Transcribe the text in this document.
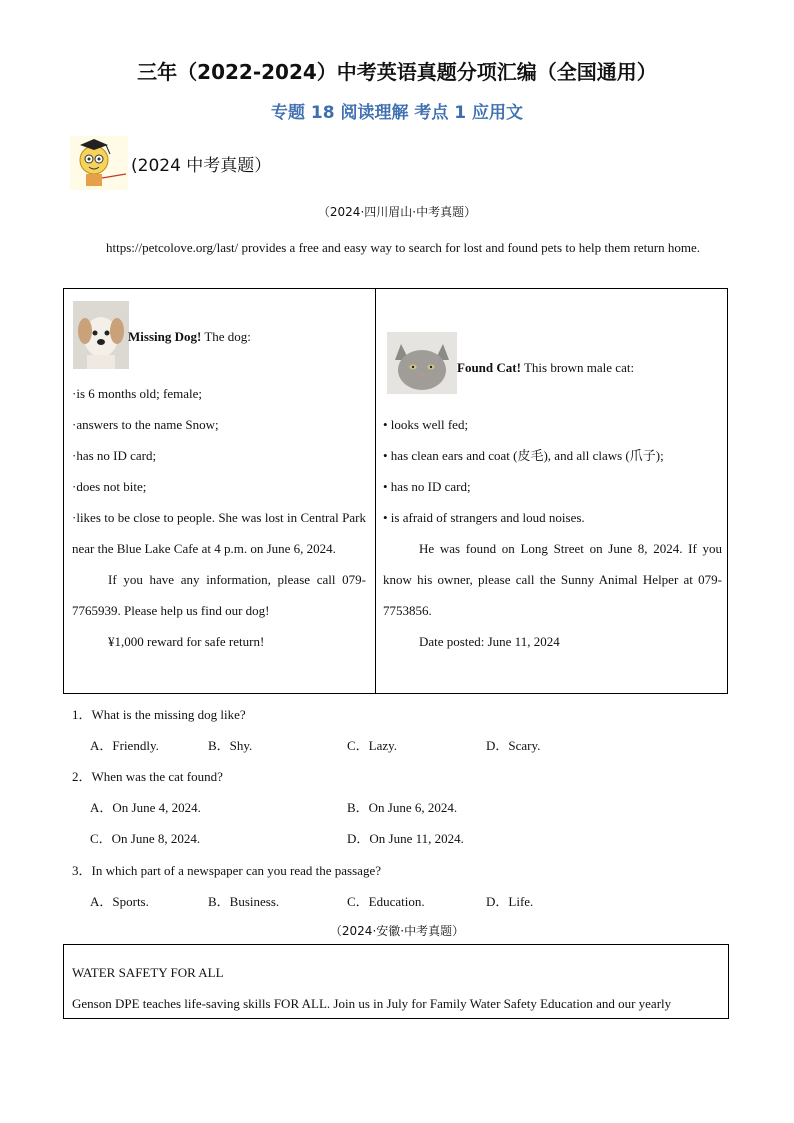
三年（2022-2024）中考英语真题分项汇编（全国通用）
专题 18 阅读理解 考点 1 应用文
(2024 中考真题）
（2024·四川眉山·中考真题）
https://petcolove.org/last/ provides a free and easy way to search for lost and found pets to help them return home.
Missing Dog! The dog:

·is 6 months old; female;

·answers to the name Snow;

·has no ID card;

·does not bite;

·likes to be close to people. She was lost in Central Park near the Blue Lake Cafe at 4 p.m. on June 6, 2024.

If you have any information, please call 079-7765939. Please help us find our dog!

¥1,000 reward for safe return!

Found Cat! This brown male cat:

• looks well fed;

• has clean ears and coat (皮毛), and all claws (爪子);

• has no ID card;

• is afraid of strangers and loud noises.

He was found on Long Street on June 8, 2024. If you know his owner, please call the Sunny Animal Helper at 079-7753856.

Date posted: June 11, 2024

1．What is the missing dog like?
A．Friendly.	B．Shy.	C．Lazy.	D．Scary.
2．When was the cat found?
A．On June 4, 2024.	B．On June 6, 2024.
C．On June 8, 2024.	D．On June 11, 2024.
3．In which part of a newspaper can you read the passage?
A．Sports.	B．Business.	C．Education.	D．Life.
（2024·安徽·中考真题）

WATER SAFETY FOR ALL

Genson DPE teaches life-saving skills FOR ALL. Join us in July for Family Water Safety Education and our yearly
